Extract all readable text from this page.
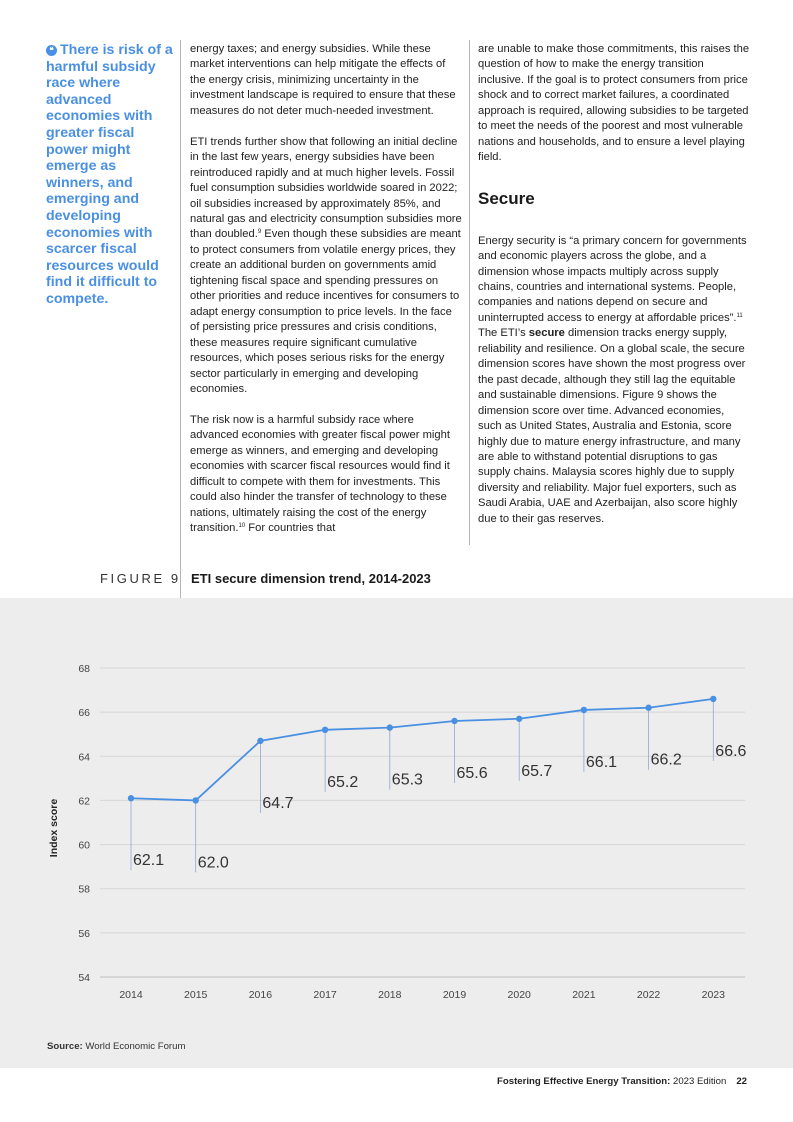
❝ There is risk of a harmful subsidy race where advanced economies with greater fiscal power might emerge as winners, and emerging and developing economies with scarcer fiscal resources would find it difficult to compete.

energy taxes; and energy subsidies. While these market interventions can help mitigate the effects of the energy crisis, minimizing uncertainty in the investment landscape is required to ensure that these measures do not deter much-needed investment.

ETI trends further show that following an initial decline in the last few years, energy subsidies have been reintroduced rapidly and at much higher levels. Fossil fuel consumption subsidies worldwide soared in 2022; oil subsidies increased by approximately 85%, and natural gas and electricity consumption subsidies more than doubled.$^9$ Even though these subsidies are meant to protect consumers from volatile energy prices, they create an additional burden on governments amid tightening fiscal space and spending pressures on other priorities and reduce incentives for consumers to adapt energy consumption to price levels. In the face of persisting price pressures and crisis conditions, these measures require significant cumulative resources, which poses serious risks for the energy sector particularly in emerging and developing economies.

The risk now is a harmful subsidy race where advanced economies with greater fiscal power might emerge as winners, and emerging and developing economies with scarcer fiscal resources would find it difficult to compete with them for investments. This could also hinder the transfer of technology to these nations, ultimately raising the cost of the energy transition.$^{10}$ For countries that

are unable to make those commitments, this raises the question of how to make the energy transition inclusive. If the goal is to protect consumers from price shock and to correct market failures, a coordinated approach is required, allowing subsidies to be targeted to meet the needs of the poorest and most vulnerable nations and households, and to ensure a level playing field.

Secure

Energy security is “a primary concern for governments and economic players across the globe, and a dimension whose impacts multiply across supply chains, countries and international systems. People, companies and nations depend on secure and uninterrupted access to energy at affordable prices”.$^{11}$ The ETI’s secure dimension tracks energy supply, reliability and resilience. On a global scale, the secure dimension scores have shown the most progress over the past decade, although they still lag the equitable and sustainable dimensions. Figure 9 shows the dimension score over time. Advanced economies, such as United States, Australia and Estonia, score highly due to mature energy infrastructure, and many are able to withstand potential disruptions to gas supply chains. Malaysia scores highly due to supply diversity and reliability. Major fuel exporters, such as Saudi Arabia, UAE and Azerbaijan, also score highly due to their gas reserves.

FIGURE 9 ETI secure dimension trend, 2014-2023
54
56
58
60
62
64
66
68
Index score
2014	2015	2016	2017	2018	2019	2020	2021	2022	2023
62.1 62.0
64.7
65.2 65.3 65.6 65.7
66.1 66.2
66.6
Source: World Economic Forum
Fostering Effective Energy Transition: 2023 Edition 22
